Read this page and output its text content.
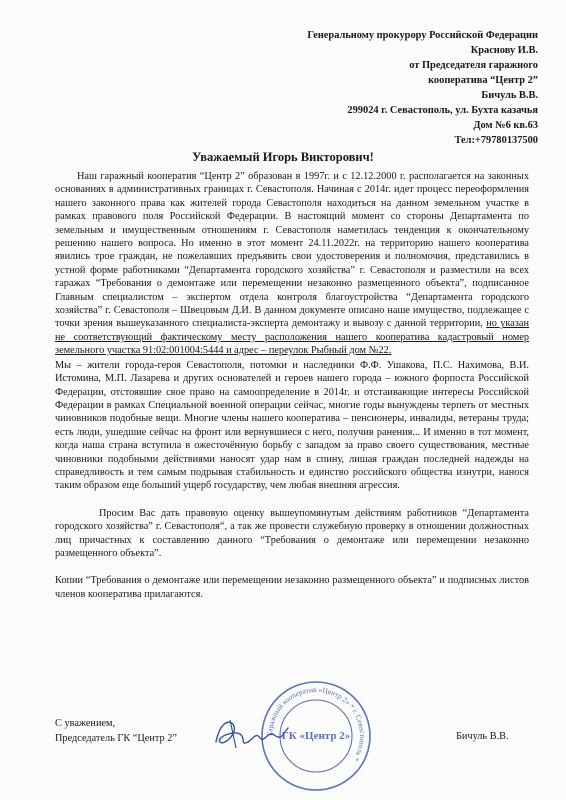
Генеральному прокурору Российской Федерации
Краснову И.В.
от Председателя гаражного
кооператива “Центр 2”
Бичуль В.В.
299024 г. Севастополь, ул. Бухта казачья
Дом №6 кв.63
Тел:+79780137500
Уважаемый Игорь Викторович!

Наш гаражный кооператив “Центр 2” образован в 1997г. и с 12.12.2000 г. располагается на законных основаниях в административных границах г. Севастополя. Начиная с 2014г. идет процесс переоформления нашего законного права как жителей города Севастополя находиться на данном земельном участке в рамках правового поля Российской Федерации. В настоящий момент со стороны Департамента по земельным и имущественным отношениям г. Севастополя наметилась тенденция к окончательному решению нашего вопроса. Но именно в этот момент 24.11.2022г. на территорию нашего кооператива явились трое граждан, не пожелавших предъявить свои удостоверения и полномочия, представились в устной форме работниками “Департамента городского хозяйства” г. Севастополя и разместили на всех гаражах “Требования о демонтаже или перемещении незаконно размещенного объекта”, подписанное Главным специалистом – экспертом отдела контроля благоустройства “Департамента городского хозяйства” г. Севастополя – Швецовым Д.И. В данном документе описано наше имущество, подлежащее с точки зрения вышеуказанного специалиста-эксперта демонтажу и вывозу с данной территории, но указан не соответствующий фактическому месту расположения нашего кооператива кадастровый номер земельного участка 91:02:001004:5444 и адрес – переулок Рыбный дом №22.

Мы – жители города-героя Севастополя, потомки и наследники Ф.Ф. Ушакова, П.С. Нахимова, В.И. Истомина, М.П. Лазарева и других основателей и героев нашего города – южного форпоста Российской Федерации, отстоявшие свое право на самоопределение в 2014г. и отстаивающие интересы Российской Федерации в рамках Специальной военной операции сейчас, многие годы вынуждены терпеть от местных чиновников подобные вещи. Многие члены нашего кооператива – пенсионеры, инвалиды, ветераны труда; есть люди, ушедшие сейчас на фронт или вернувшиеся с него, получив ранения... И именно в тот момент, когда наша страна вступила в ожесточённую борьбу с западом за право своего существования, местные чиновники подобными действиями наносят удар нам в спину, лишая граждан последней надежды на справедливость и тем самым подрывая стабильность и единство российского общества изнутри, нанося таким образом еще больший ущерб государству, чем любая внешняя агрессия.

Просим Вас дать правовую оценку вышеупомянутым действиям работников “Департамента городского хозяйства” г. Севастополя“, а так же провести служебную проверку в отношении должностных лиц причастных к составлению данного “Требования о демонтаже или перемещении незаконно размещенного объекта”.

Копии “Требования о демонтаже или перемещении незаконно размещенного объекта” и подписных листов членов кооператива прилагаются.

С уважением,
Председатель ГК “Центр 2”	Бичуль В.В.
Гаражный кооператив «Центр 2» * г. Севастополь *
ГК «Центр 2»
